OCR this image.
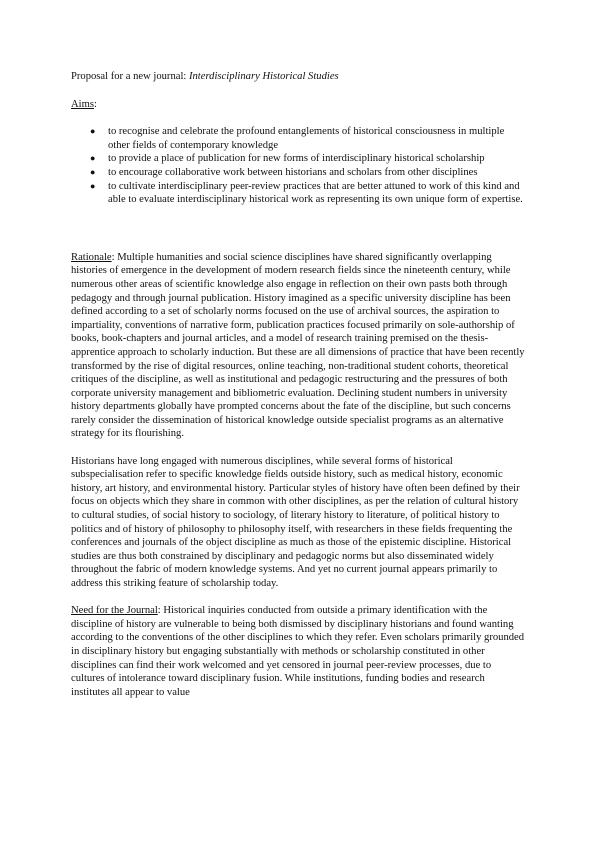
Proposal for a new journal: Interdisciplinary Historical Studies

Aims:

● to recognise and celebrate the profound entanglements of historical consciousness in multiple other fields of contemporary knowledge
● to provide a place of publication for new forms of interdisciplinary historical scholarship
● to encourage collaborative work between historians and scholars from other disciplines
● to cultivate interdisciplinary peer-review practices that are better attuned to work of this kind and able to evaluate interdisciplinary historical work as representing its own unique form of expertise.

Rationale: Multiple humanities and social science disciplines have shared significantly overlapping histories of emergence in the development of modern research fields since the nineteenth century, while numerous other areas of scientific knowledge also engage in reflection on their own pasts both through pedagogy and through journal publication. History imagined as a specific university discipline has been defined according to a set of scholarly norms focused on the use of archival sources, the aspiration to impartiality, conventions of narrative form, publication practices focused primarily on sole-authorship of books, book-chapters and journal articles, and a model of research training premised on the thesis-apprentice approach to scholarly induction. But these are all dimensions of practice that have been recently transformed by the rise of digital resources, online teaching, non-traditional student cohorts, theoretical critiques of the discipline, as well as institutional and pedagogic restructuring and the pressures of both corporate university management and bibliometric evaluation. Declining student numbers in university history departments globally have prompted concerns about the fate of the discipline, but such concerns rarely consider the dissemination of historical knowledge outside specialist programs as an alternative strategy for its flourishing.

Historians have long engaged with numerous disciplines, while several forms of historical subspecialisation refer to specific knowledge fields outside history, such as medical history, economic history, art history, and environmental history. Particular styles of history have often been defined by their focus on objects which they share in common with other disciplines, as per the relation of cultural history to cultural studies, of social history to sociology, of literary history to literature, of political history to politics and of history of philosophy to philosophy itself, with researchers in these fields frequenting the conferences and journals of the object discipline as much as those of the epistemic discipline. Historical studies are thus both constrained by disciplinary and pedagogic norms but also disseminated widely throughout the fabric of modern knowledge systems. And yet no current journal appears primarily to address this striking feature of scholarship today.

Need for the Journal: Historical inquiries conducted from outside a primary identification with the discipline of history are vulnerable to being both dismissed by disciplinary historians and found wanting according to the conventions of the other disciplines to which they refer. Even scholars primarily grounded in disciplinary history but engaging substantially with methods or scholarship constituted in other disciplines can find their work welcomed and yet censored in journal peer-review processes, due to cultures of intolerance toward disciplinary fusion. While institutions, funding bodies and research institutes all appear to value
